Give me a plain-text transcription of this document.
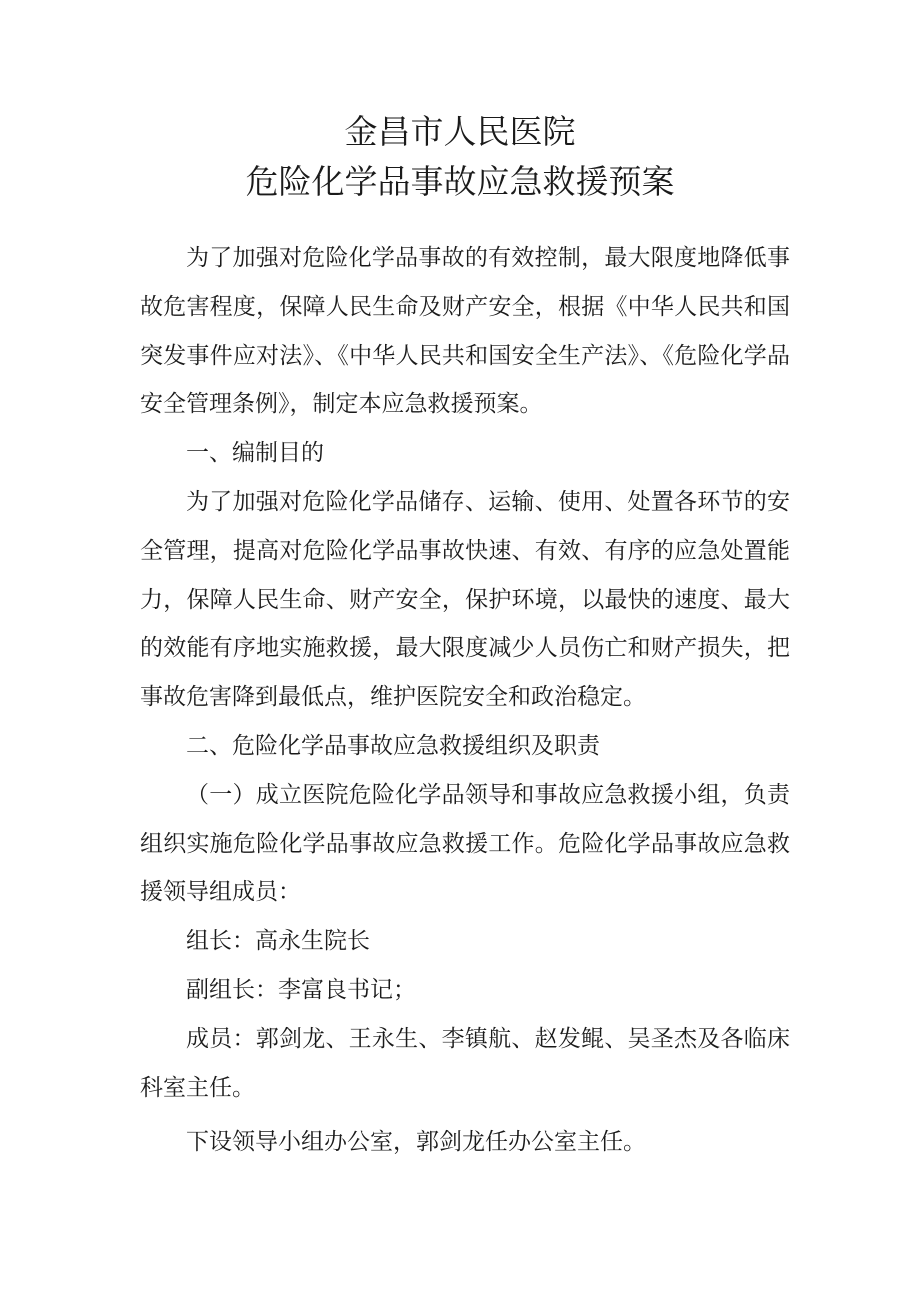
金昌市人民医院
危险化学品事故应急救援预案

为了加强对危险化学品事故的有效控制，最大限度地降低事故危害程度，保障人民生命及财产安全，根据《中华人民共和国突发事件应对法》、《中华人民共和国安全生产法》、《危险化学品安全管理条例》，制定本应急救援预案。

一、编制目的

为了加强对危险化学品储存、运输、使用、处置各环节的安全管理，提高对危险化学品事故快速、有效、有序的应急处置能力，保障人民生命、财产安全，保护环境，以最快的速度、最大的效能有序地实施救援，最大限度减少人员伤亡和财产损失，把事故危害降到最低点，维护医院安全和政治稳定。

二、危险化学品事故应急救援组织及职责

（一）成立医院危险化学品领导和事故应急救援小组，负责组织实施危险化学品事故应急救援工作。危险化学品事故应急救援领导组成员：

组长：高永生院长

副组长：李富良书记；

成员：郭剑龙、王永生、李镇航、赵发鲲、吴圣杰及各临床科室主任。

下设领导小组办公室，郭剑龙任办公室主任。
